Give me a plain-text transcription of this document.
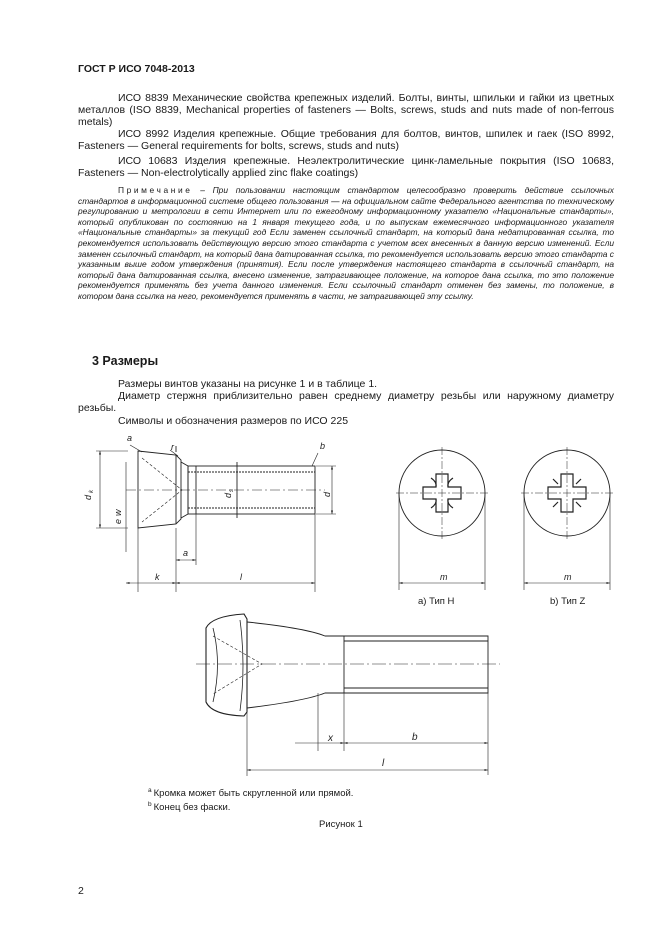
ГОСТ Р ИСО 7048-2013

ИСО 8839 Механические свойства крепежных изделий. Болты, винты, шпильки и гайки из цветных металлов (ISO 8839, Mechanical properties of fasteners — Bolts, screws, studs and nuts made of non-ferrous metals)

ИСО 8992 Изделия крепежные. Общие требования для болтов, винтов, шпилек и гаек (ISO 8992, Fasteners — General requirements for bolts, screws, studs and nuts)

ИСО 10683 Изделия крепежные. Неэлектролитические цинк-ламельные покрытия (ISO 10683, Fasteners — Non-electrolytically applied zinc flake coatings)

Примечание – При пользовании настоящим стандартом целесообразно проверить действие ссылочных стандартов в информационной системе общего пользования — на официальном сайте Федерального агентства по техническому регулированию и метрологии в сети Интернет или по ежегодному информационному указателю «Национальные стандарты», который опубликован по состоянию на 1 января текущего года, и по выпускам ежемесячного информационного указателя «Национальные стандарты» за текущий год Если заменен ссылочный стандарт, на который дана недатированная ссылка, то рекомендуется использовать действующую версию этого стандарта с учетом всех внесенных в данную версию изменений. Если заменен ссылочный стандарт, на который дана датированная ссылка, то рекомендуется использовать версию этого стандарта с указанным выше годом утверждения (принятия). Если после утверждения настоящего стандарта в ссылочный стандарт, на который дана датированная ссылка, внесено изменение, затрагивающее положение, на которое дана ссылка, то это положение рекомендуется применять без учета данного изменения. Если ссылочный стандарт отменен без замены, то положение, в котором дана ссылка на него, рекомендуется применять в части, не затрагивающей эту ссылку.

3 Размеры

Размеры винтов указаны на рисунке 1 и в таблице 1.

Диаметр стержня приблизительно равен среднему диаметру резьбы или наружному диаметру резьбы.

Символы и обозначения размеров по ИСО 225

a
r	b
d	d	d
w
e
k	l
a
m	m
x	b
l
k	s
а) Тип H	b) Тип Z
$^a$ Кромка может быть скругленной или прямой.
$^b$ Конец без фаски.
Рисунок 1
2
